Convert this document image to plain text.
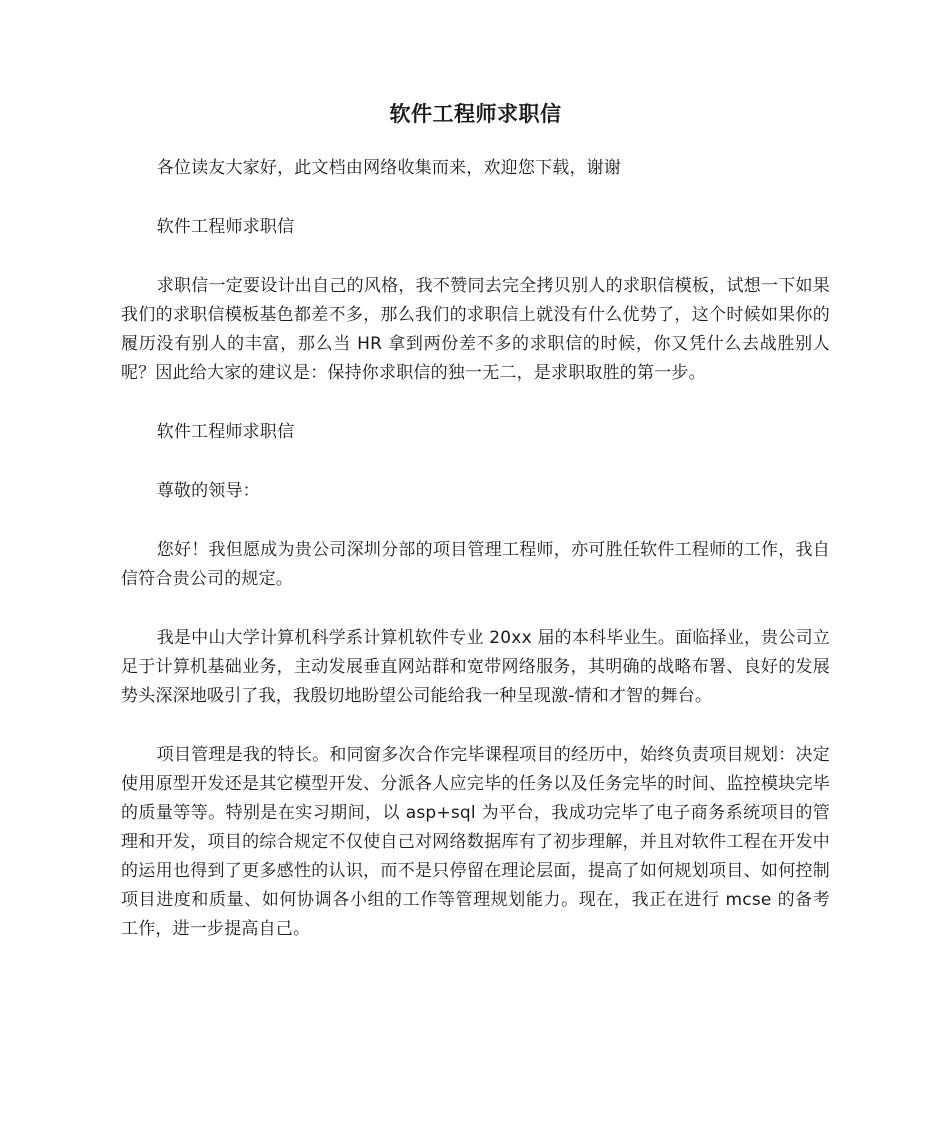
软件工程师求职信

各位读友大家好，此文档由网络收集而来，欢迎您下载，谢谢

软件工程师求职信

求职信一定要设计出自己的风格，我不赞同去完全拷贝别人的求职信模板，试想一下如果我们的求职信模板基色都差不多，那么我们的求职信上就没有什么优势了，这个时候如果你的履历没有别人的丰富，那么当 HR 拿到两份差不多的求职信的时候，你又凭什么去战胜别人呢？因此给大家的建议是：保持你求职信的独一无二，是求职取胜的第一步。

软件工程师求职信

尊敬的领导：

您好！我但愿成为贵公司深圳分部的项目管理工程师，亦可胜任软件工程师的工作，我自信符合贵公司的规定。

我是中山大学计算机科学系计算机软件专业 20xx 届的本科毕业生。面临择业，贵公司立足于计算机基础业务，主动发展垂直网站群和宽带网络服务，其明确的战略布署、良好的发展势头深深地吸引了我，我殷切地盼望公司能给我一种呈现激-情和才智的舞台。

项目管理是我的特长。和同窗多次合作完毕课程项目的经历中，始终负责项目规划：决定使用原型开发还是其它模型开发、分派各人应完毕的任务以及任务完毕的时间、监控模块完毕的质量等等。特别是在实习期间，以 asp+sql 为平台，我成功完毕了电子商务系统项目的管理和开发，项目的综合规定不仅使自己对网络数据库有了初步理解，并且对软件工程在开发中的运用也得到了更多感性的认识，而不是只停留在理论层面，提高了如何规划项目、如何控制项目进度和质量、如何协调各小组的工作等管理规划能力。现在，我正在进行 mcse 的备考工作，进一步提高自己。
